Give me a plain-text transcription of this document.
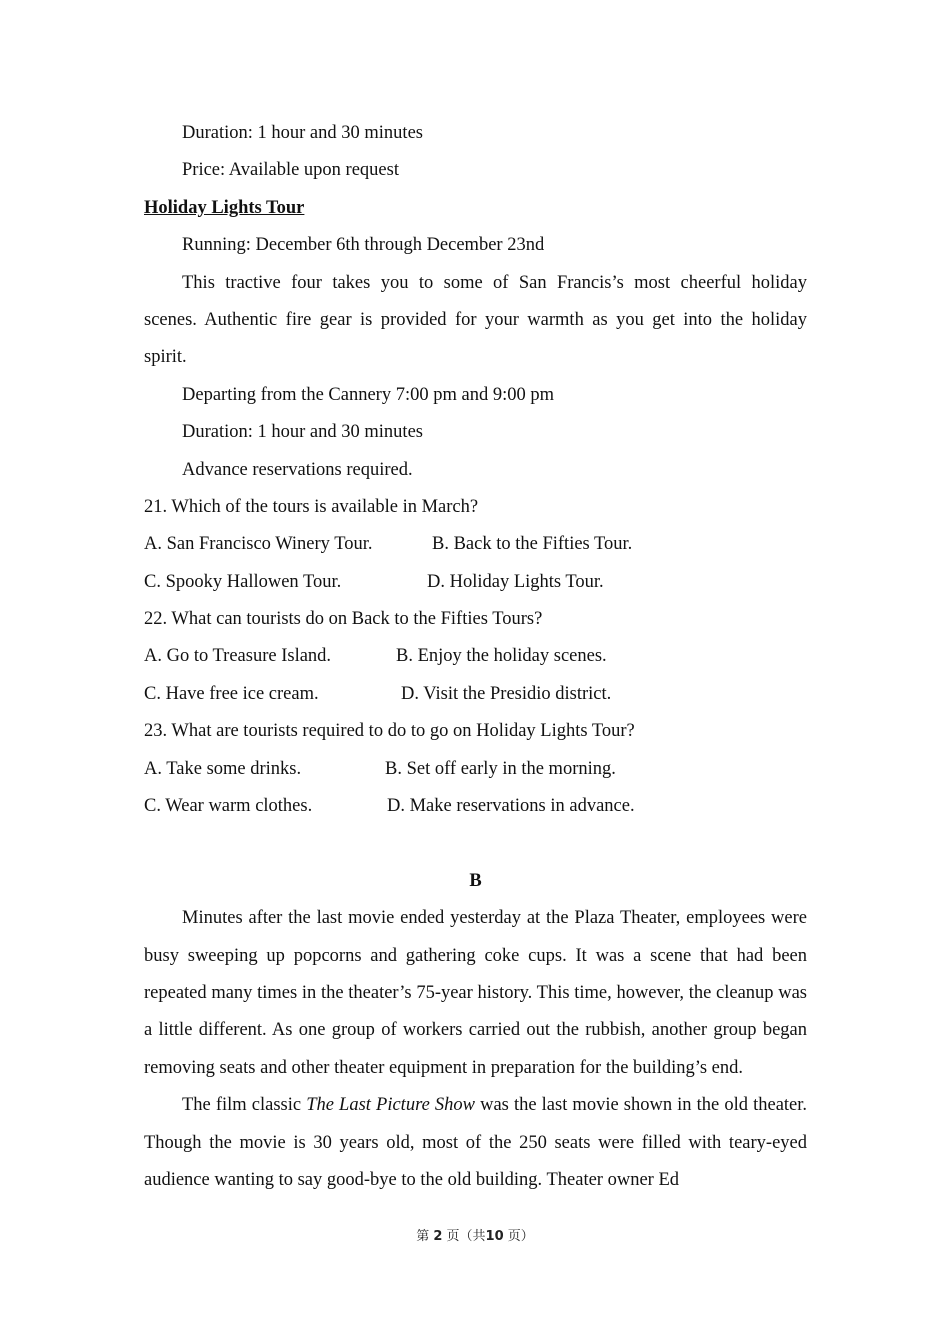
Duration: 1 hour and 30 minutes
Price: Available upon request
Holiday Lights Tour
Running: December 6th through December 23nd
This tractive four takes you to some of San Francis’s most cheerful holiday
scenes. Authentic fire gear is provided for your warmth as you get into the holiday
spirit.
Departing from the Cannery 7:00 pm and 9:00 pm
Duration: 1 hour and 30 minutes
Advance reservations required.
21. Which of the tours is available in March?
A. San Francisco Winery Tour.	B. Back to the Fifties Tour.
C. Spooky Hallowen Tour.	D. Holiday Lights Tour.
22. What can tourists do on Back to the Fifties Tours?
A. Go to Treasure Island.	B. Enjoy the holiday scenes.
C. Have free ice cream.	D. Visit the Presidio district.
23. What are tourists required to do to go on Holiday Lights Tour?
A. Take some drinks.	B. Set off early in the morning.
C. Wear warm clothes.	D. Make reservations in advance.
B

Minutes after the last movie ended yesterday at the Plaza Theater, employees were busy sweeping up popcorns and gathering coke cups. It was a scene that had been repeated many times in the theater’s 75-year history. This time, however, the cleanup was a little different. As one group of workers carried out the rubbish, another group began removing seats and other theater equipment in preparation for the building’s end.

The film classic The Last Picture Show was the last movie shown in the old theater. Though the movie is 30 years old, most of the 250 seats were filled with teary-eyed audience wanting to say good-bye to the old building. Theater owner Ed

第 2 页（共10 页）
